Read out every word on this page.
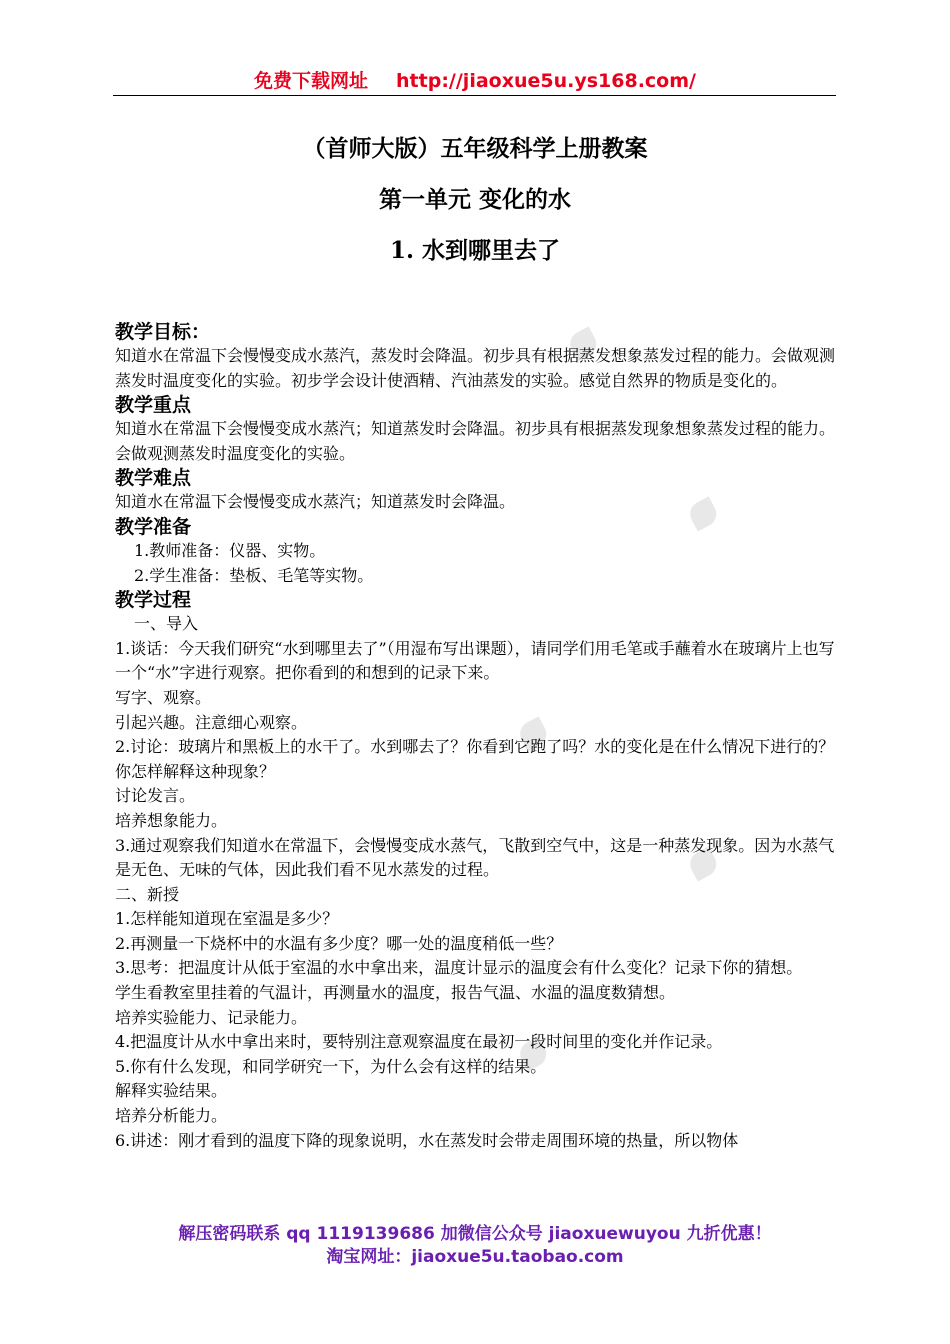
免费下载网址 http://jiaoxue5u.ys168.com/
（首师大版）五年级科学上册教案
第一单元 变化的水
1. 水到哪里去了

教学目标：

知道水在常温下会慢慢变成水蒸汽，蒸发时会降温。初步具有根据蒸发想象蒸发过程的能力。会做观测蒸发时温度变化的实验。初步学会设计使酒精、汽油蒸发的实验。感觉自然界的物质是变化的。

教学重点

知道水在常温下会慢慢变成水蒸汽；知道蒸发时会降温。初步具有根据蒸发现象想象蒸发过程的能力。会做观测蒸发时温度变化的实验。

教学难点

知道水在常温下会慢慢变成水蒸汽；知道蒸发时会降温。

教学准备

1.教师准备：仪器、实物。

2.学生准备：垫板、毛笔等实物。

教学过程

一、导入

1.谈话：今天我们研究“水到哪里去了”（用湿布写出课题），请同学们用毛笔或手蘸着水在玻璃片上也写一个“水”字进行观察。把你看到的和想到的记录下来。

写字、观察。

引起兴趣。注意细心观察。

2.讨论：玻璃片和黑板上的水干了。水到哪去了？你看到它跑了吗？水的变化是在什么情况下进行的？你怎样解释这种现象？

讨论发言。

培养想象能力。

3.通过观察我们知道水在常温下，会慢慢变成水蒸气，飞散到空气中，这是一种蒸发现象。因为水蒸气是无色、无味的气体，因此我们看不见水蒸发的过程。

二、新授

1.怎样能知道现在室温是多少？

2.再测量一下烧杯中的水温有多少度？哪一处的温度稍低一些？

3.思考：把温度计从低于室温的水中拿出来，温度计显示的温度会有什么变化？记录下你的猜想。

学生看教室里挂着的气温计，再测量水的温度，报告气温、水温的温度数猜想。

培养实验能力、记录能力。

4.把温度计从水中拿出来时，要特别注意观察温度在最初一段时间里的变化并作记录。

5.你有什么发现，和同学研究一下，为什么会有这样的结果。

解释实验结果。

培养分析能力。

6.讲述：刚才看到的温度下降的现象说明，水在蒸发时会带走周围环境的热量，所以物体

解压密码联系 qq 1119139686 加微信公众号 jiaoxuewuyou 九折优惠！
淘宝网址：jiaoxue5u.taobao.com
